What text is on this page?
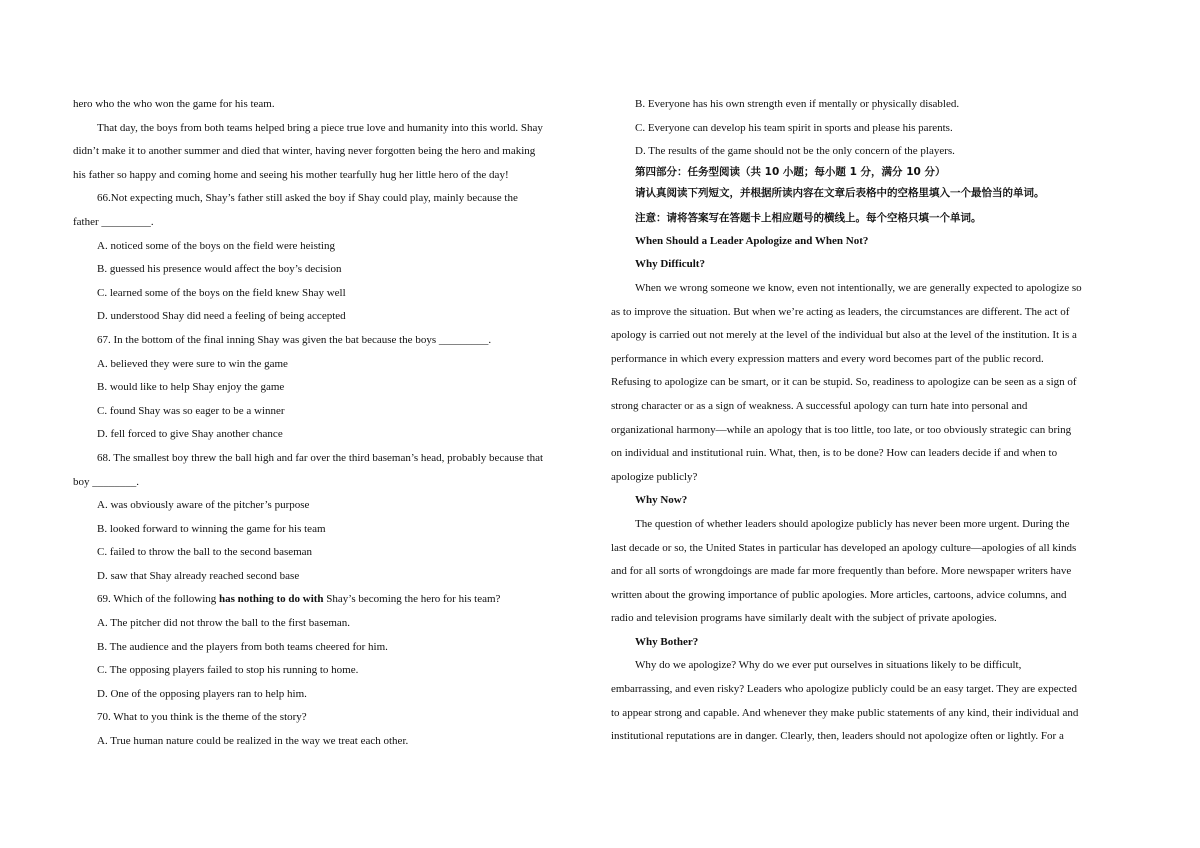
hero who the who won the game for his team.
That day, the boys from both teams helped bring a piece true love and humanity into this world. Shay
didn’t make it to another summer and died that winter, having never forgotten being the hero and making
his father so happy and coming home and seeing his mother tearfully hug her little hero of the day!
66.Not expecting much, Shay’s father still asked the boy if Shay could play, mainly because the
father _________.
A. noticed some of the boys on the field were heisting
B. guessed his presence would affect the boy’s decision
C. learned some of the boys on the field knew Shay well
D. understood Shay did need a feeling of being accepted
67. In the bottom of the final inning Shay was given the bat because the boys _________.
A. believed they were sure to win the game
B. would like to help Shay enjoy the game
C. found Shay was so eager to be a winner
D. fell forced to give Shay another chance
68. The smallest boy threw the ball high and far over the third baseman’s head, probably because that
boy ________.
A. was obviously aware of the pitcher’s purpose
B. looked forward to winning the game for his team
C. failed to throw the ball to the second baseman
D. saw that Shay already reached second base
69. Which of the following has nothing to do with Shay’s becoming the hero for his team?
A. The pitcher did not throw the ball to the first baseman.
B. The audience and the players from both teams cheered for him.
C. The opposing players failed to stop his running to home.
D. One of the opposing players ran to help him.
70. What to you think is the theme of the story?
A. True human nature could be realized in the way we treat each other.
B. Everyone has his own strength even if mentally or physically disabled.
C. Everyone can develop his team spirit in sports and please his parents.
D. The results of the game should not be the only concern of the players.
第四部分：任务型阅读（共 10 小题；每小题 1 分，满分 10 分）
请认真阅读下列短文，并根据所读内容在文章后表格中的空格里填入一个最恰当的单词。
注意：请将答案写在答题卡上相应题号的横线上。每个空格只填一个单词。
When Should a Leader Apologize and When Not?
Why Difficult?
When we wrong someone we know, even not intentionally, we are generally expected to apologize so
as to improve the situation. But when we’re acting as leaders, the circumstances are different. The act of
apology is carried out not merely at the level of the individual but also at the level of the institution. It is a
performance in which every expression matters and every word becomes part of the public record.
Refusing to apologize can be smart, or it can be stupid. So, readiness to apologize can be seen as a sign of
strong character or as a sign of weakness. A successful apology can turn hate into personal and
organizational harmony—while an apology that is too little, too late, or too obviously strategic can bring
on individual and institutional ruin. What, then, is to be done? How can leaders decide if and when to
apologize publicly?
Why Now?
The question of whether leaders should apologize publicly has never been more urgent. During the
last decade or so, the United States in particular has developed an apology culture—apologies of all kinds
and for all sorts of wrongdoings are made far more frequently than before. More newspaper writers have
written about the growing importance of public apologies. More articles, cartoons, advice columns, and
radio and television programs have similarly dealt with the subject of private apologies.
Why Bother?
Why do we apologize? Why do we ever put ourselves in situations likely to be difficult,
embarrassing, and even risky? Leaders who apologize publicly could be an easy target. They are expected
to appear strong and capable. And whenever they make public statements of any kind, their individual and
institutional reputations are in danger. Clearly, then, leaders should not apologize often or lightly. For a
